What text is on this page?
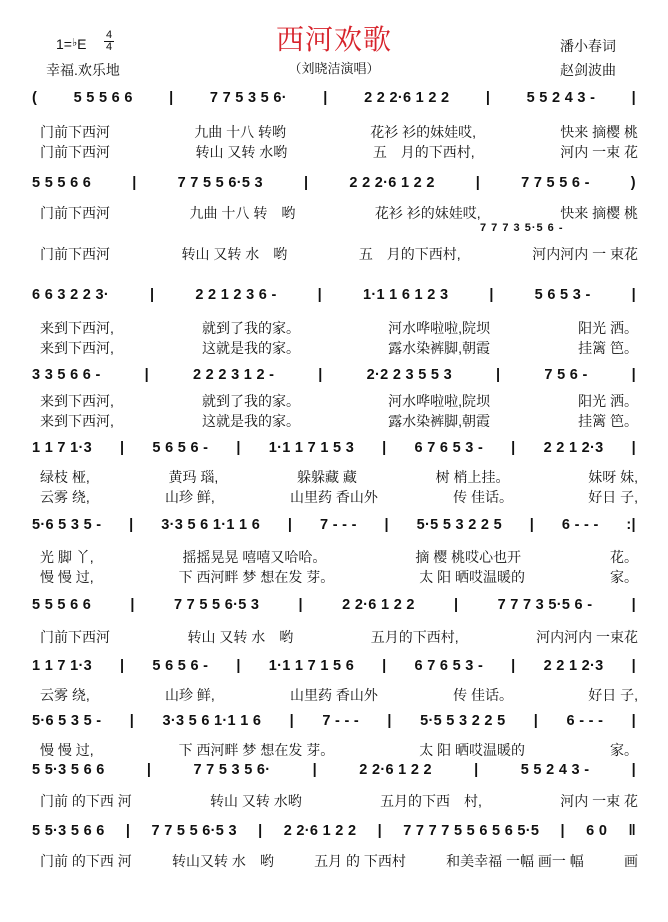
1=♭E
4
4	西河欢歌
幸福.欢乐地	（刘晓洁演唱）
潘小春词
赵剑波曲
(	5 5 5 6 6	|	7 7 5 3 5 6·	|	2 2 2·6 1 2 2	|	5 5 2 4 3 -	|
门前下西河	九曲 十八 转哟	花衫 衫的妹娃哎,	快来 摘樱 桃
门前下西河	转山 又转 水哟	五　月的下西村,	河内 一束 花
5 5 5 6 6	|	7 7 5 5 6·5 3	|	2 2 2·6 1 2 2	|	7 7 5 5 6 -	)
门前下西河	九曲 十八 转　哟	花衫 衫的妹娃哎,	快来 摘樱 桃
7 7 7 3 5·5 6 -
门前下西河	转山 又转 水　哟	五　月的下西村,	河内河内 一 束花
6 6 3 2 2 3·	|	2 2 1 2 3 6 -	|	1·1 1 6 1 2 3	|	5 6 5 3 -	|
来到下西河,	就到了我的家。	河水哗啦啦,院坝	阳光 洒。
来到下西河,	这就是我的家。	露水染裤脚,朝霞	挂篱 笆。
3 3 5 6 6 -	|	2 2 2 3 1 2 -	|	2·2 2 3 5 5 3	|	7 5 6 -	|
来到下西河,	就到了我的家。	河水哗啦啦,院坝	阳光 洒。
来到下西河,	这就是我的家。	露水染裤脚,朝霞	挂篱 笆。
1 1 7 1·3 | 5 6 5 6 - | 1·1 1 7 1 5 3 | 6 7 6 5 3 - | 2 2 1 2·3 |
绿枝 桠,	黄玛 瑙,	躲躲藏 藏	树 梢上挂。	妹呀 妹,
云雾 绕,	山珍 鲜,	山里药 香山外	传 佳话。	好日 子,
5·6 5 3 5 - | 3·3 5 6 1·1 1 6 | 7 - - - | 5·5 5 3 2 2 5 | 6 - - - :|
光 脚 丫,	摇摇晃晃 嘻嘻又哈哈。	摘 樱 桃哎心也开	花。
慢 慢 过,	下 西河畔 梦 想在发 芽。	太 阳 晒哎温暖的	家。
5 5 5 6 6	|	7 7 5 5 6·5 3	|	2 2·6 1 2 2	|	7 7 7 3 5·5 6 -	|
门前下西河	转山 又转 水　哟	五月的下西村,	河内河内 一束花
1 1 7 1·3 | 5 6 5 6 - | 1·1 1 7 1 5 6 | 6 7 6 5 3 - | 2 2 1 2·3 |
云雾 绕,	山珍 鲜,	山里药 香山外	传 佳话。	好日 子,
5·6 5 3 5 - | 3·3 5 6 1·1 1 6 | 7 - - - | 5·5 5 3 2 2 5 | 6 - - - |
慢 慢 过,	下 西河畔 梦 想在发 芽。	太 阳 晒哎温暖的	家。
5 5·3 5 6 6	|	7 7 5 3 5 6·	|	2 2·6 1 2 2	|	5 5 2 4 3 -	|
门前 的下西 河	转山 又转 水哟	五月的下西　村,	河内 一束 花
5 5·3 5 6 6 | 7 7 5 5 6·5 3 | 2 2·6 1 2 2 | 7 7 7 7 5 5 6 5 6 5·5 | 6 0 ‖
门前 的下西 河	转山又转 水　哟	五月 的 下西村	和美幸福 一幅 画一 幅	画
